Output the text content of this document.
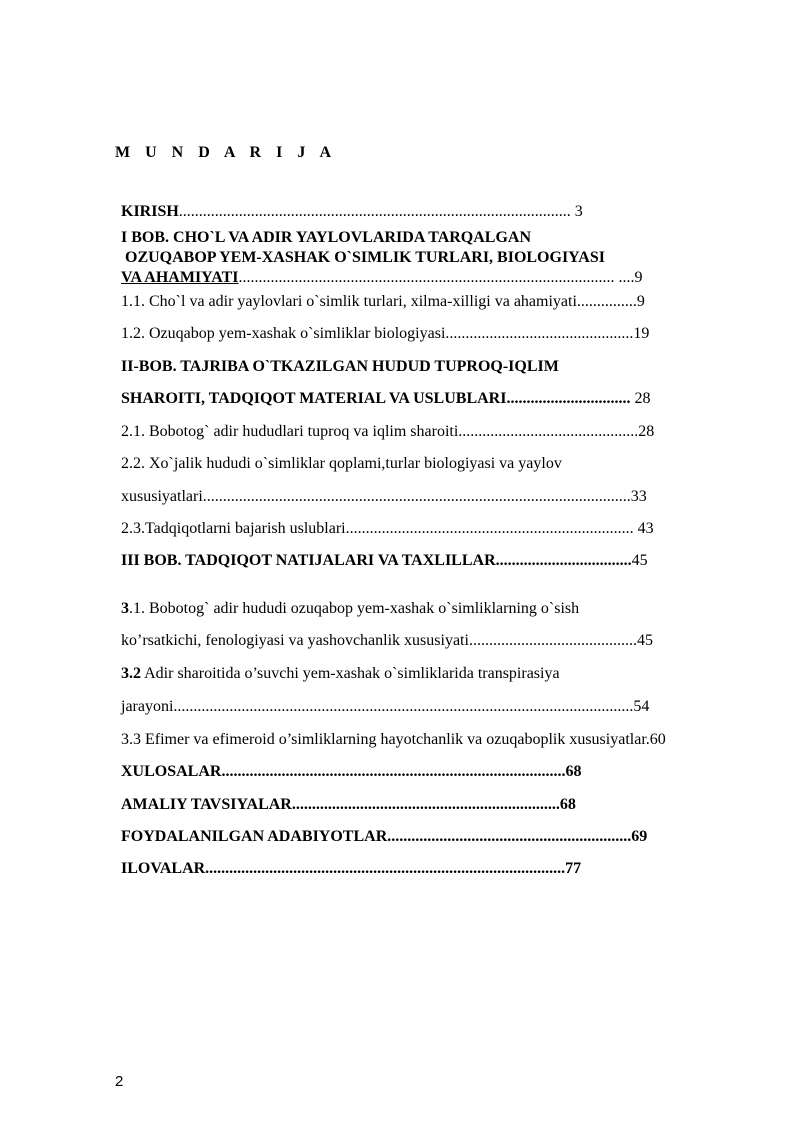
M U N D A R I J A

KIRISH.................................................................................................. 3
I BOB. CHO`L VA ADIR YAYLOVLARIDA TARQALGAN
OZUQABOP YEM-XASHAK O`SIMLIK TURLARI, BIOLOGIYASI
VA AHAMIYATI.............................................................................................. ....9
1.1. Cho`l va adir yaylovlari o`simlik turlari, xilma-xilligi va ahamiyati...............9
1.2. Ozuqabop yem-xashak o`simliklar biologiyasi...............................................19
II-BOB. TAJRIBA O`TKAZILGAN HUDUD TUPROQ-IQLIM
SHAROITI, TADQIQOT MATERIAL VA USLUBLARI............................... 28
2.1. Bobotog` adir hududlari tuproq va iqlim sharoiti.............................................28
2.2. Xo`jalik hududi o`simliklar qoplami,turlar biologiyasi va yaylov
xususiyatlari...........................................................................................................33
2.3.Tadqiqotlarni bajarish uslublari........................................................................ 43
III BOB. TADQIQOT NATIJALARI VA TAXLILLAR..................................45
3.1. Bobotog` adir hududi ozuqabop yem-xashak o`simliklarning o`sish
ko’rsatkichi, fenologiyasi va yashovchanlik xususiyati..........................................45
3.2 Adir sharoitida o’suvchi yem-xashak o`simliklarida transpirasiya
jarayoni...................................................................................................................54
3.3 Efimer va efimeroid o’simliklarning hayotchanlik va ozuqaboplik xususiyatlar.60
XULOSALAR......................................................................................68
AMALIY TAVSIYALAR...................................................................68
FOYDALANILGAN ADABIYOTLAR.............................................................69
ILOVALAR..........................................................................................77
2
